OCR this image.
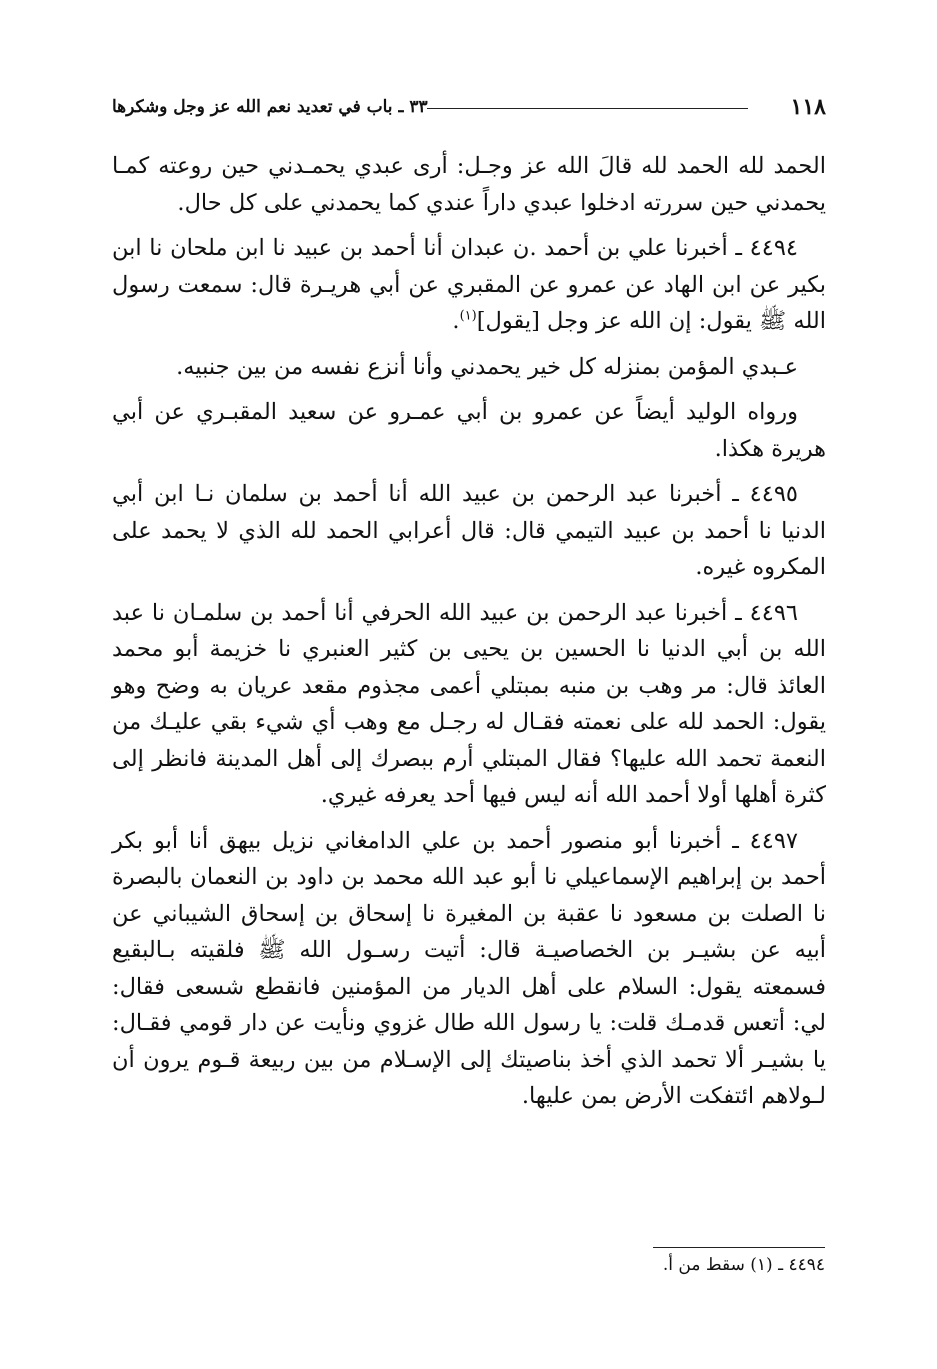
١١٨
٣٣ ـ باب في تعديد نعم الله عز وجل وشكرها

الحمد لله الحمد لله قالَ الله عز وجـل: أرى عبدي يحمـدني حين روعته كمـا يحمدني حين سررته ادخلوا عبدي داراً عندي كما يحمدني على كل حال.

٤٤٩٤ ـ أخبرنا علي بن أحمد .ن عبدان أنا أحمد بن عبيد نا ابن ملحان نا ابن بكير عن ابن الهاد عن عمرو عن المقبري عن أبي هريـرة قال: سمعت رسول الله ﷺ يقول: إن الله عز وجل [يقول]$^{(١)}$.

عـبدي المؤمن بمنزله كل خير يحمدني وأنا أنزع نفسه من بين جنبيه.

ورواه الوليد أيضاً عن عمرو بن أبي عمـرو عن سعيد المقبـري عن أبي هريرة هكذا.

٤٤٩٥ ـ أخبرنا عبد الرحمن بن عبيد الله أنا أحمد بن سلمان نـا ابن أبي الدنيا نا أحمد بن عبيد التيمي قال: قال أعرابي الحمد لله الذي لا يحمد على المكروه غيره.

٤٤٩٦ ـ أخبرنا عبد الرحمن بن عبيد الله الحرفي أنا أحمد بن سلمـان نا عبد الله بن أبي الدنيا نا الحسين بن يحيى بن كثير العنبري نا خزيمة أبو محمد العائذ قال: مر وهب بن منبه بمبتلي أعمى مجذوم مقعد عريان به وضح وهو يقول: الحمد لله على نعمته فقـال له رجـل مع وهب أي شيء بقي عليـك من النعمة تحمد الله عليها؟ فقال المبتلي أرم ببصرك إلى أهل المدينة فانظر إلى كثرة أهلها أولا أحمد الله أنه ليس فيها أحد يعرفه غيري.

٤٤٩٧ ـ أخبرنا أبو منصور أحمد بن علي الدامغاني نزيل بيهق أنا أبو بكر أحمد بن إبراهيم الإسماعيلي نا أبو عبد الله محمد بن داود بن النعمان بالبصرة نا الصلت بن مسعود نا عقبة بن المغيرة نا إسحاق بن إسحاق الشيباني عن أبيه عن بشيـر بن الخصاصيـة قال: أتيت رسـول الله ﷺ فلقيته بـالبقيع فسمعته يقول: السلام على أهل الديار من المؤمنين فانقطع شسعى فقال: لي: أتعس قدمـك قلت: يا رسول الله طال غزوي ونأيت عن دار قومي فقـال: يا بشيـر ألا تحمد الذي أخذ بناصيتك إلى الإسـلام من بين ربيعة قـوم يرون أن لـولاهم ائتفكت الأرض بمن عليها.

٤٤٩٤ ـ (١) سقط من أ.
